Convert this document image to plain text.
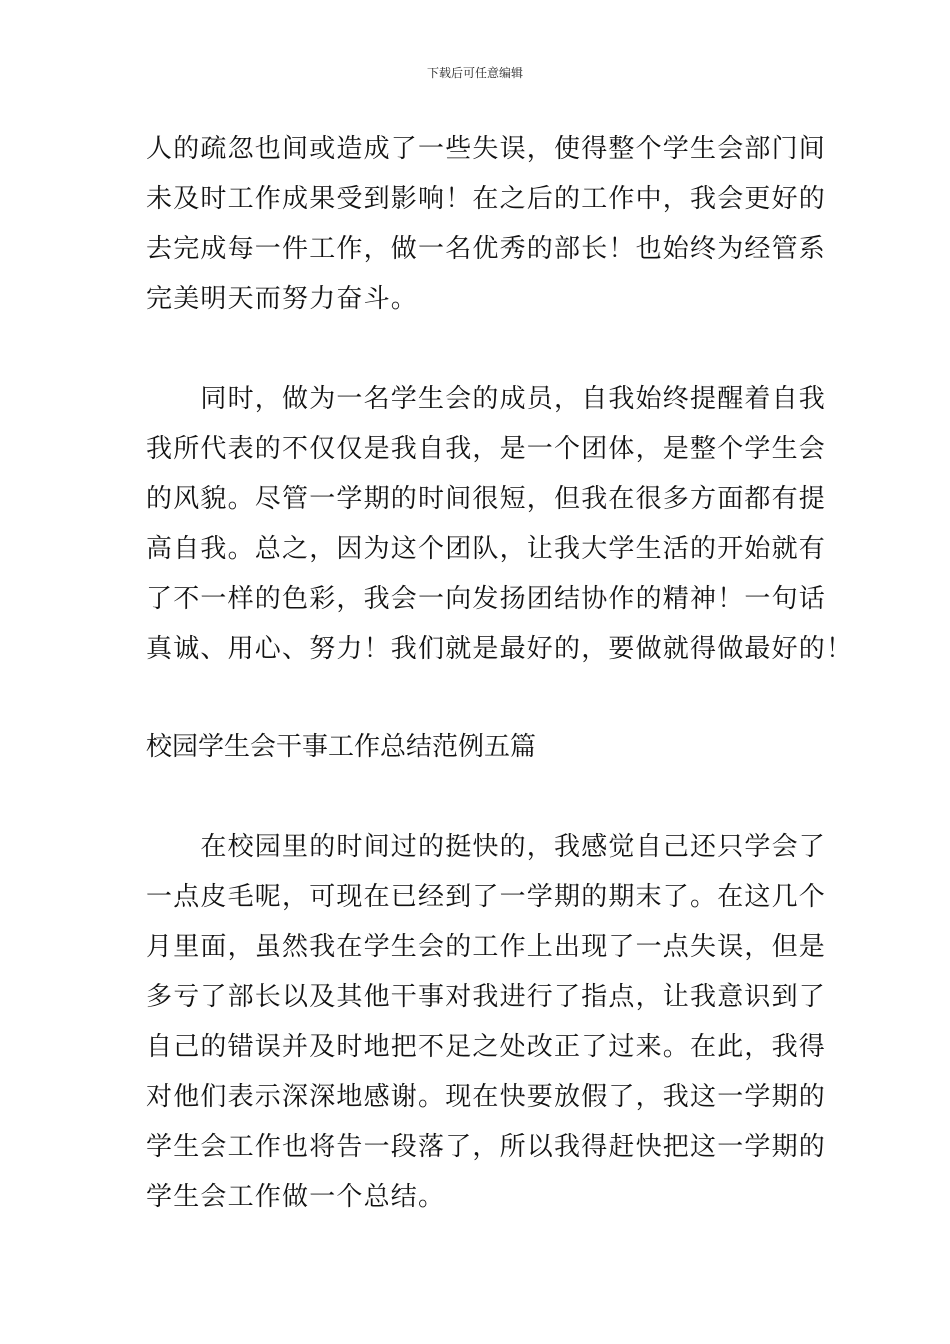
下载后可任意编辑
人的疏忽也间或造成了一些失误，使得整个学生会部门间
未及时工作成果受到影响！在之后的工作中，我会更好的
去完成每一件工作，做一名优秀的部长！也始终为经管系
完美明天而努力奋斗。
　　同时，做为一名学生会的成员，自我始终提醒着自我
我所代表的不仅仅是我自我，是一个团体，是整个学生会
的风貌。尽管一学期的时间很短，但我在很多方面都有提
高自我。总之，因为这个团队，让我大学生活的开始就有
了不一样的色彩，我会一向发扬团结协作的精神！一句话
真诚、用心、努力！我们就是最好的，要做就得做最好的！
校园学生会干事工作总结范例五篇
　　在校园里的时间过的挺快的，我感觉自己还只学会了
一点皮毛呢，可现在已经到了一学期的期末了。在这几个
月里面，虽然我在学生会的工作上出现了一点失误，但是
多亏了部长以及其他干事对我进行了指点，让我意识到了
自己的错误并及时地把不足之处改正了过来。在此，我得
对他们表示深深地感谢。现在快要放假了，我这一学期的
学生会工作也将告一段落了，所以我得赶快把这一学期的
学生会工作做一个总结。
